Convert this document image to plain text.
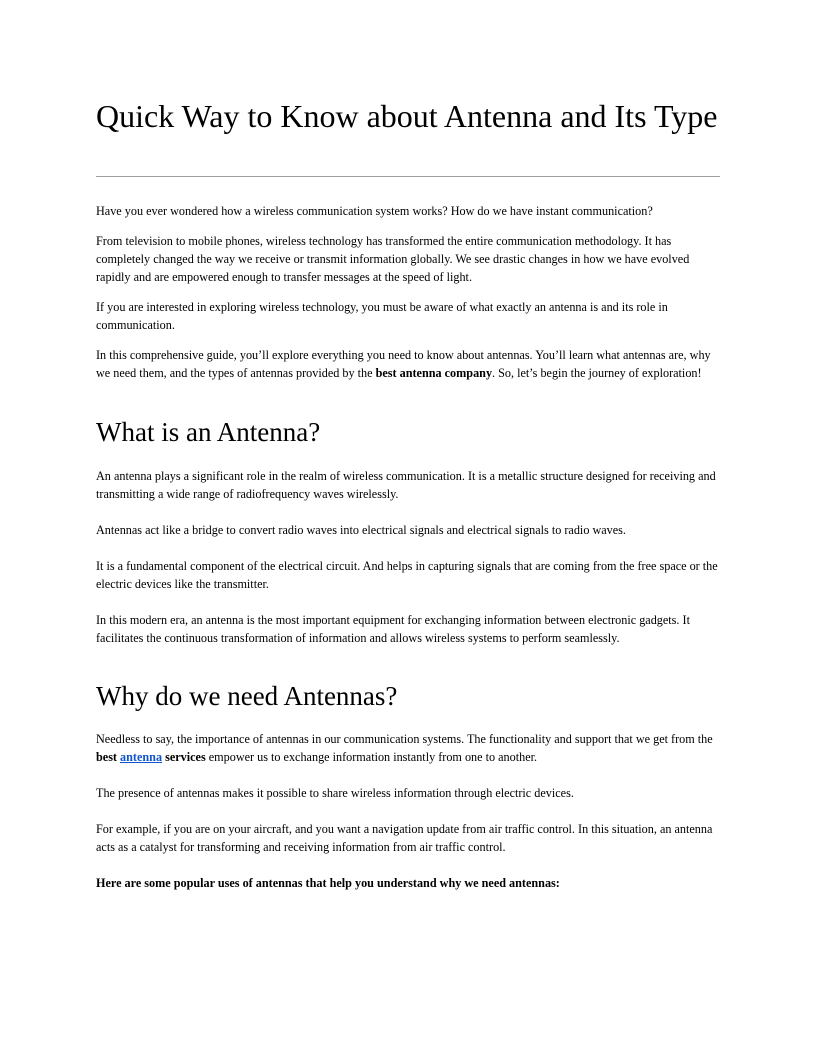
Quick Way to Know about Antenna and Its Type

Have you ever wondered how a wireless communication system works? How do we have instant communication?

From television to mobile phones, wireless technology has transformed the entire communication methodology. It has completely changed the way we receive or transmit information globally. We see drastic changes in how we have evolved rapidly and are empowered enough to transfer messages at the speed of light.

If you are interested in exploring wireless technology, you must be aware of what exactly an antenna is and its role in communication.

In this comprehensive guide, you’ll explore everything you need to know about antennas. You’ll learn what antennas are, why we need them, and the types of antennas provided by the best antenna company. So, let’s begin the journey of exploration!

What is an Antenna?

An antenna plays a significant role in the realm of wireless communication. It is a metallic structure designed for receiving and transmitting a wide range of radiofrequency waves wirelessly.

Antennas act like a bridge to convert radio waves into electrical signals and electrical signals to radio waves.

It is a fundamental component of the electrical circuit. And helps in capturing signals that are coming from the free space or the electric devices like the transmitter.

In this modern era, an antenna is the most important equipment for exchanging information between electronic gadgets. It facilitates the continuous transformation of information and allows wireless systems to perform seamlessly.

Why do we need Antennas?

Needless to say, the importance of antennas in our communication systems. The functionality and support that we get from the best antenna services empower us to exchange information instantly from one to another.

The presence of antennas makes it possible to share wireless information through electric devices.

For example, if you are on your aircraft, and you want a navigation update from air traffic control. In this situation, an antenna acts as a catalyst for transforming and receiving information from air traffic control.

Here are some popular uses of antennas that help you understand why we need antennas:
